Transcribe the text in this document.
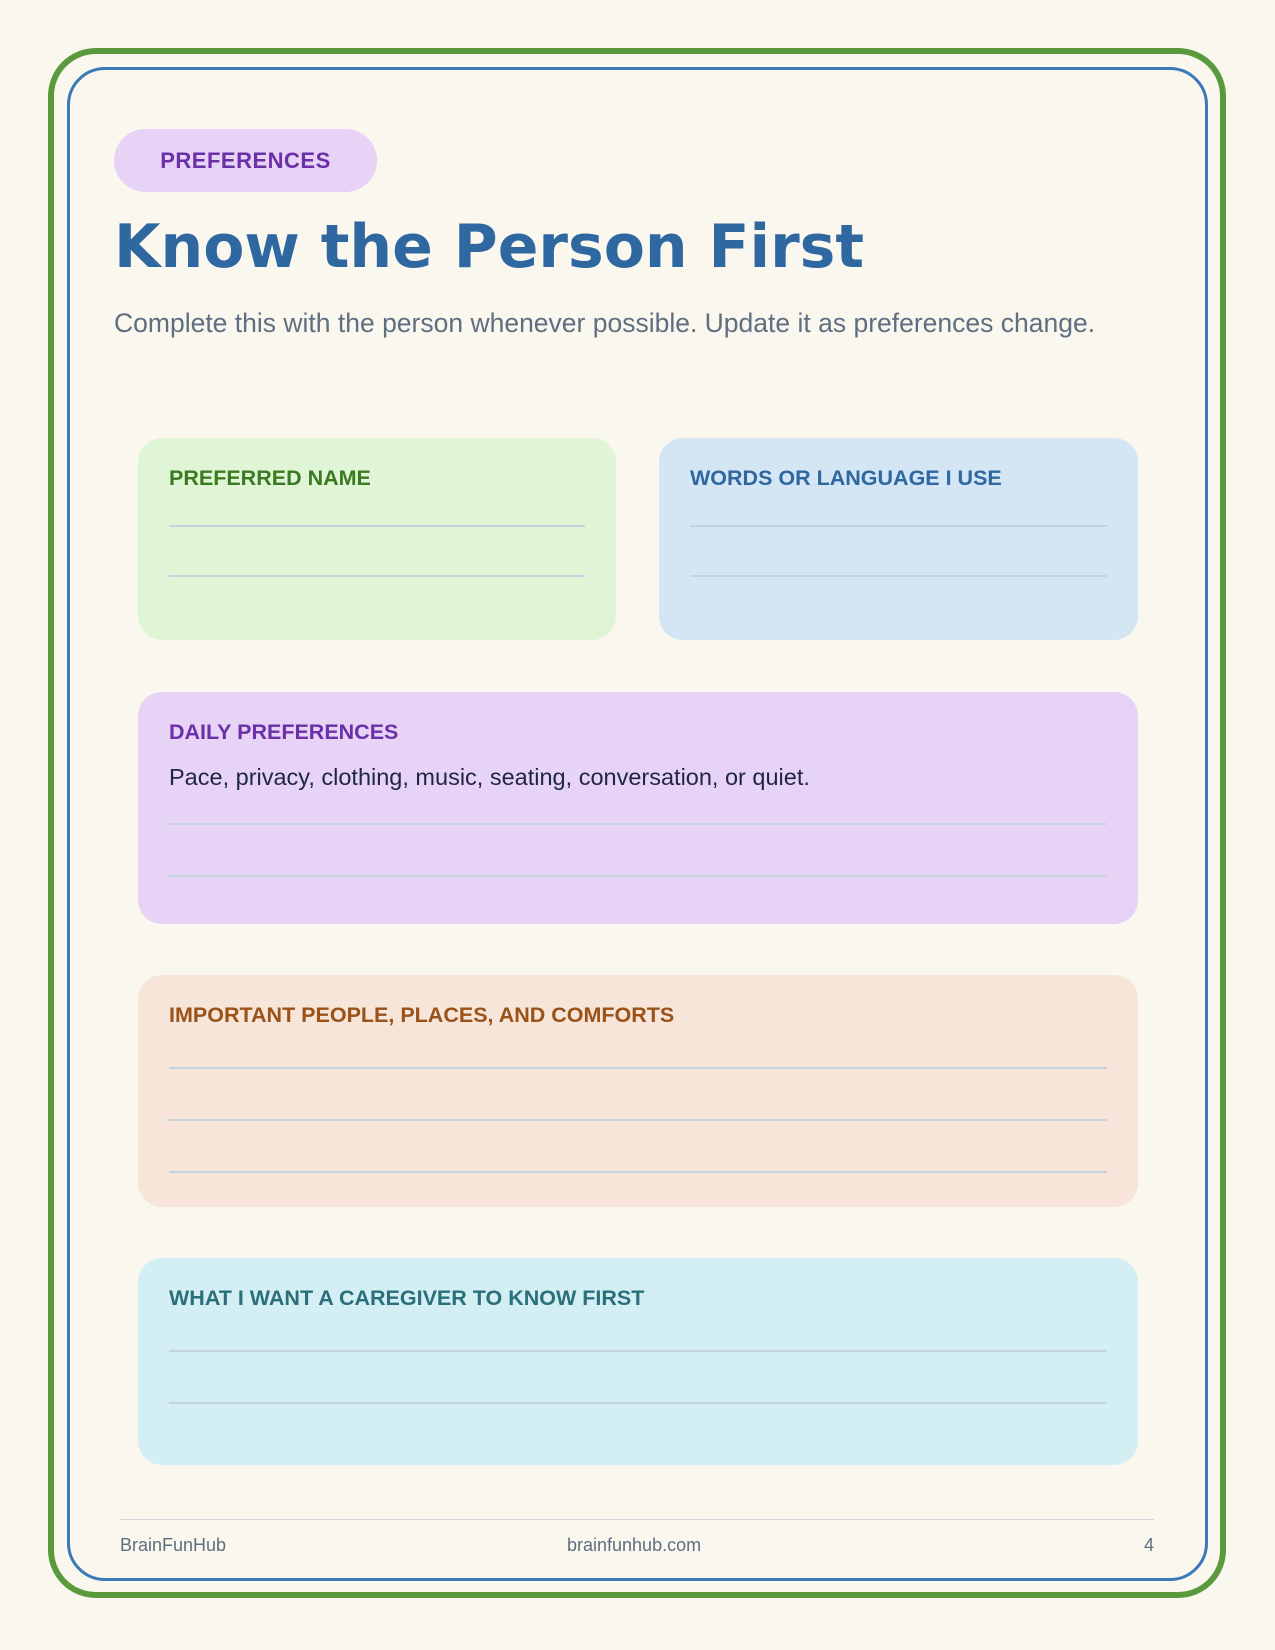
PREFERENCES
Know the Person First

Complete this with the person whenever possible. Update it as preferences change.

PREFERRED NAME	WORDS OR LANGUAGE I USE
DAILY PREFERENCES

Pace, privacy, clothing, music, seating, conversation, or quiet.

IMPORTANT PEOPLE, PLACES, AND COMFORTS
WHAT I WANT A CAREGIVER TO KNOW FIRST
BrainFunHub	brainfunhub.com	4
